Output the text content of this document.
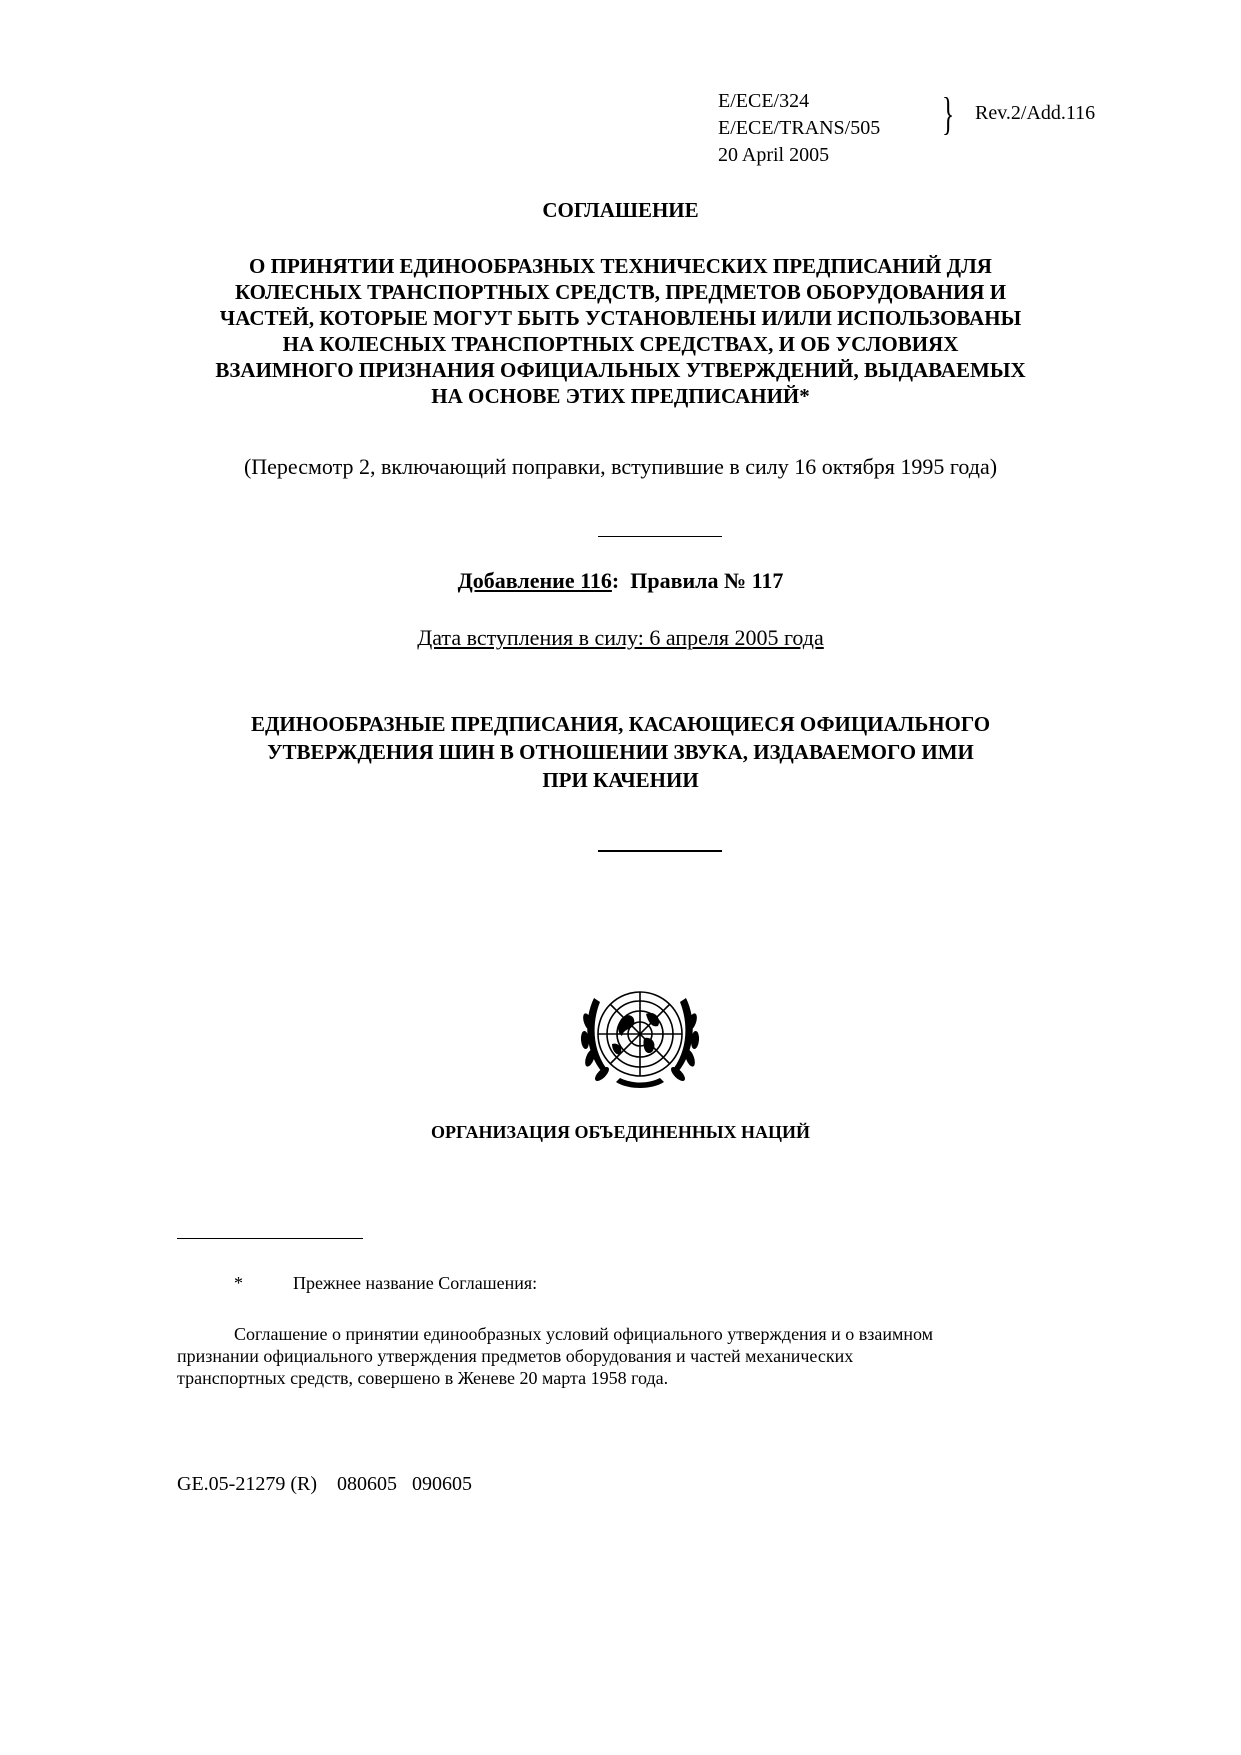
E/ECE/324
E/ECE/TRANS/505
20 April 2005
} Rev.2/Add.116
СОГЛАШЕНИЕ
О ПРИНЯТИИ ЕДИНООБРАЗНЫХ ТЕХНИЧЕСКИХ ПРЕДПИСАНИЙ ДЛЯ
КОЛЕСНЫХ ТРАНСПОРТНЫХ СРЕДСТВ, ПРЕДМЕТОВ ОБОРУДОВАНИЯ И
ЧАСТЕЙ, КОТОРЫЕ МОГУТ БЫТЬ УСТАНОВЛЕНЫ И/ИЛИ ИСПОЛЬЗОВАНЫ
НА КОЛЕСНЫХ ТРАНСПОРТНЫХ СРЕДСТВАХ, И ОБ УСЛОВИЯХ
ВЗАИМНОГО ПРИЗНАНИЯ ОФИЦИАЛЬНЫХ УТВЕРЖДЕНИЙ, ВЫДАВАЕМЫХ
НА ОСНОВЕ ЭТИХ ПРЕДПИСАНИЙ*
(Пересмотр 2, включающий поправки, вступившие в силу 16 октября 1995 года)
Добавление 116: Правила № 117
Дата вступления в силу: 6 апреля 2005 года
ЕДИНООБРАЗНЫЕ ПРЕДПИСАНИЯ, КАСАЮЩИЕСЯ ОФИЦИАЛЬНОГО
УТВЕРЖДЕНИЯ ШИН В ОТНОШЕНИИ ЗВУКА, ИЗДАВАЕМОГО ИМИ
ПРИ КАЧЕНИИ
ОРГАНИЗАЦИЯ ОБЪЕДИНЕННЫХ НАЦИЙ
*	Прежнее название Соглашения:
Соглашение о принятии единообразных условий официального утверждения и о взаимном
признании официального утверждения предметов оборудования и частей механических
транспортных средств, совершено в Женеве 20 марта 1958 года.
GE.05-21279 (R)    080605   090605
